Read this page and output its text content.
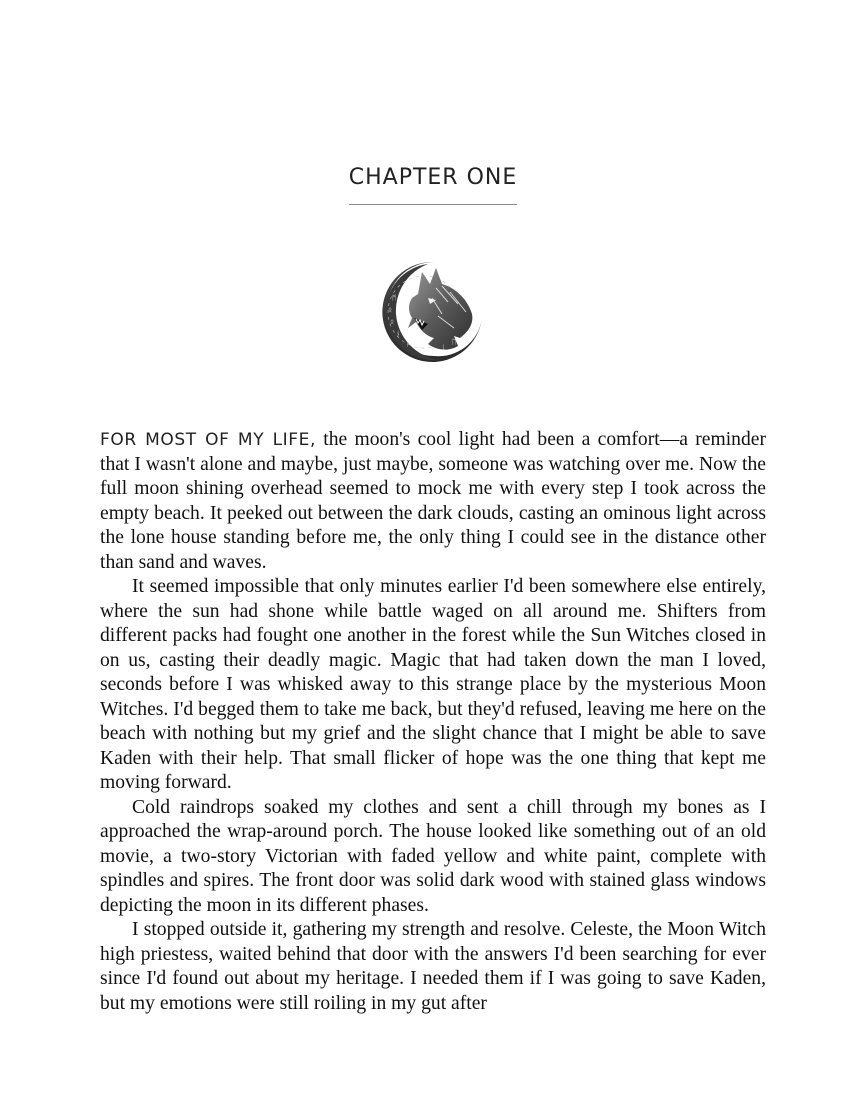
CHAPTER ONE
ᛗ
ᛟ
ᛟ
ᚾ
ᚹ
ᛁ ᛏ ᚳ
ᛖ

FOR MOST OF MY LIFE, the moon's cool light had been a comfort—a reminder that I wasn't alone and maybe, just maybe, someone was watching over me. Now the full moon shining overhead seemed to mock me with every step I took across the empty beach. It peeked out between the dark clouds, casting an ominous light across the lone house standing before me, the only thing I could see in the distance other than sand and waves.

It seemed impossible that only minutes earlier I'd been somewhere else entirely, where the sun had shone while battle waged on all around me. Shifters from different packs had fought one another in the forest while the Sun Witches closed in on us, casting their deadly magic. Magic that had taken down the man I loved, seconds before I was whisked away to this strange place by the mysterious Moon Witches. I'd begged them to take me back, but they'd refused, leaving me here on the beach with nothing but my grief and the slight chance that I might be able to save Kaden with their help. That small flicker of hope was the one thing that kept me moving forward.

Cold raindrops soaked my clothes and sent a chill through my bones as I approached the wrap-around porch. The house looked like something out of an old movie, a two-story Victorian with faded yellow and white paint, complete with spindles and spires. The front door was solid dark wood with stained glass windows depicting the moon in its different phases.

I stopped outside it, gathering my strength and resolve. Celeste, the Moon Witch high priestess, waited behind that door with the answers I'd been searching for ever since I'd found out about my heritage. I needed them if I was going to save Kaden, but my emotions were still roiling in my gut after
